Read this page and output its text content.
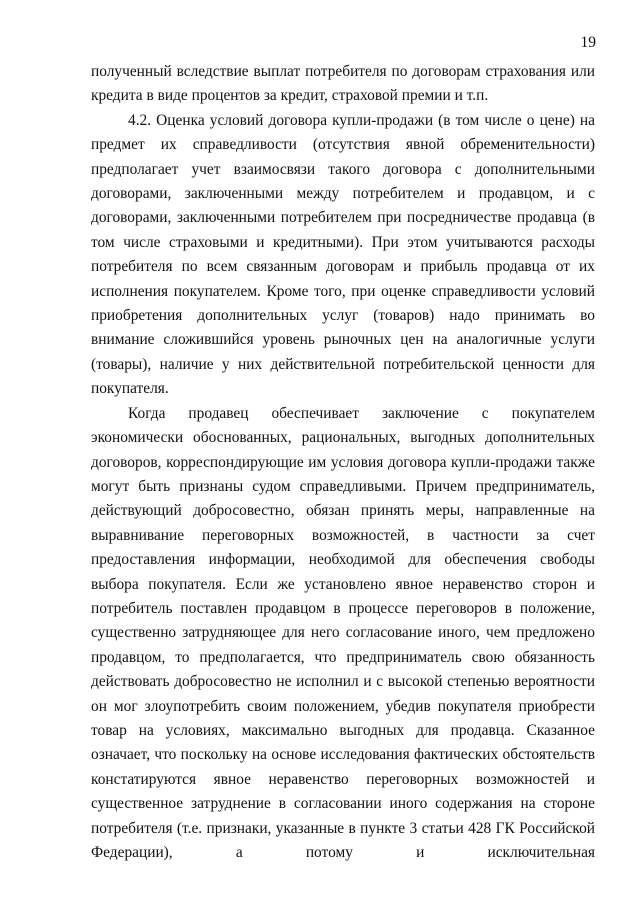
19

полученный вследствие выплат потребителя по договорам страхования или кредита в виде процентов за кредит, страховой премии и т.п.

4.2. Оценка условий договора купли-продажи (в том числе о цене) на предмет их справедливости (отсутствия явной обременительности) предполагает учет взаимосвязи такого договора с дополнительными договорами, заключенными между потребителем и продавцом, и с договорами, заключенными потребителем при посредничестве продавца (в том числе страховыми и кредитными). При этом учитываются расходы потребителя по всем связанным договорам и прибыль продавца от их исполнения покупателем. Кроме того, при оценке справедливости условий приобретения дополнительных услуг (товаров) надо принимать во внимание сложившийся уровень рыночных цен на аналогичные услуги (товары), наличие у них действительной потребительской ценности для покупателя.

Когда продавец обеспечивает заключение с покупателем экономически обоснованных, рациональных, выгодных дополнительных договоров, корреспондирующие им условия договора купли-продажи также могут быть признаны судом справедливыми. Причем предприниматель, действующий добросовестно, обязан принять меры, направленные на выравнивание переговорных возможностей, в частности за счет предоставления информации, необходимой для обеспечения свободы выбора покупателя. Если же установлено явное неравенство сторон и потребитель поставлен продавцом в процессе переговоров в положение, существенно затрудняющее для него согласование иного, чем предложено продавцом, то предполагается, что предприниматель свою обязанность действовать добросовестно не исполнил и с высокой степенью вероятности он мог злоупотребить своим положением, убедив покупателя приобрести товар на условиях, максимально выгодных для продавца. Сказанное означает, что поскольку на основе исследования фактических обстоятельств констатируются явное неравенство переговорных возможностей и существенное затруднение в согласовании иного содержания на стороне потребителя (т.е. признаки, указанные в пункте 3 статьи 428 ГК Российской Федерации), а потому и исключительная
